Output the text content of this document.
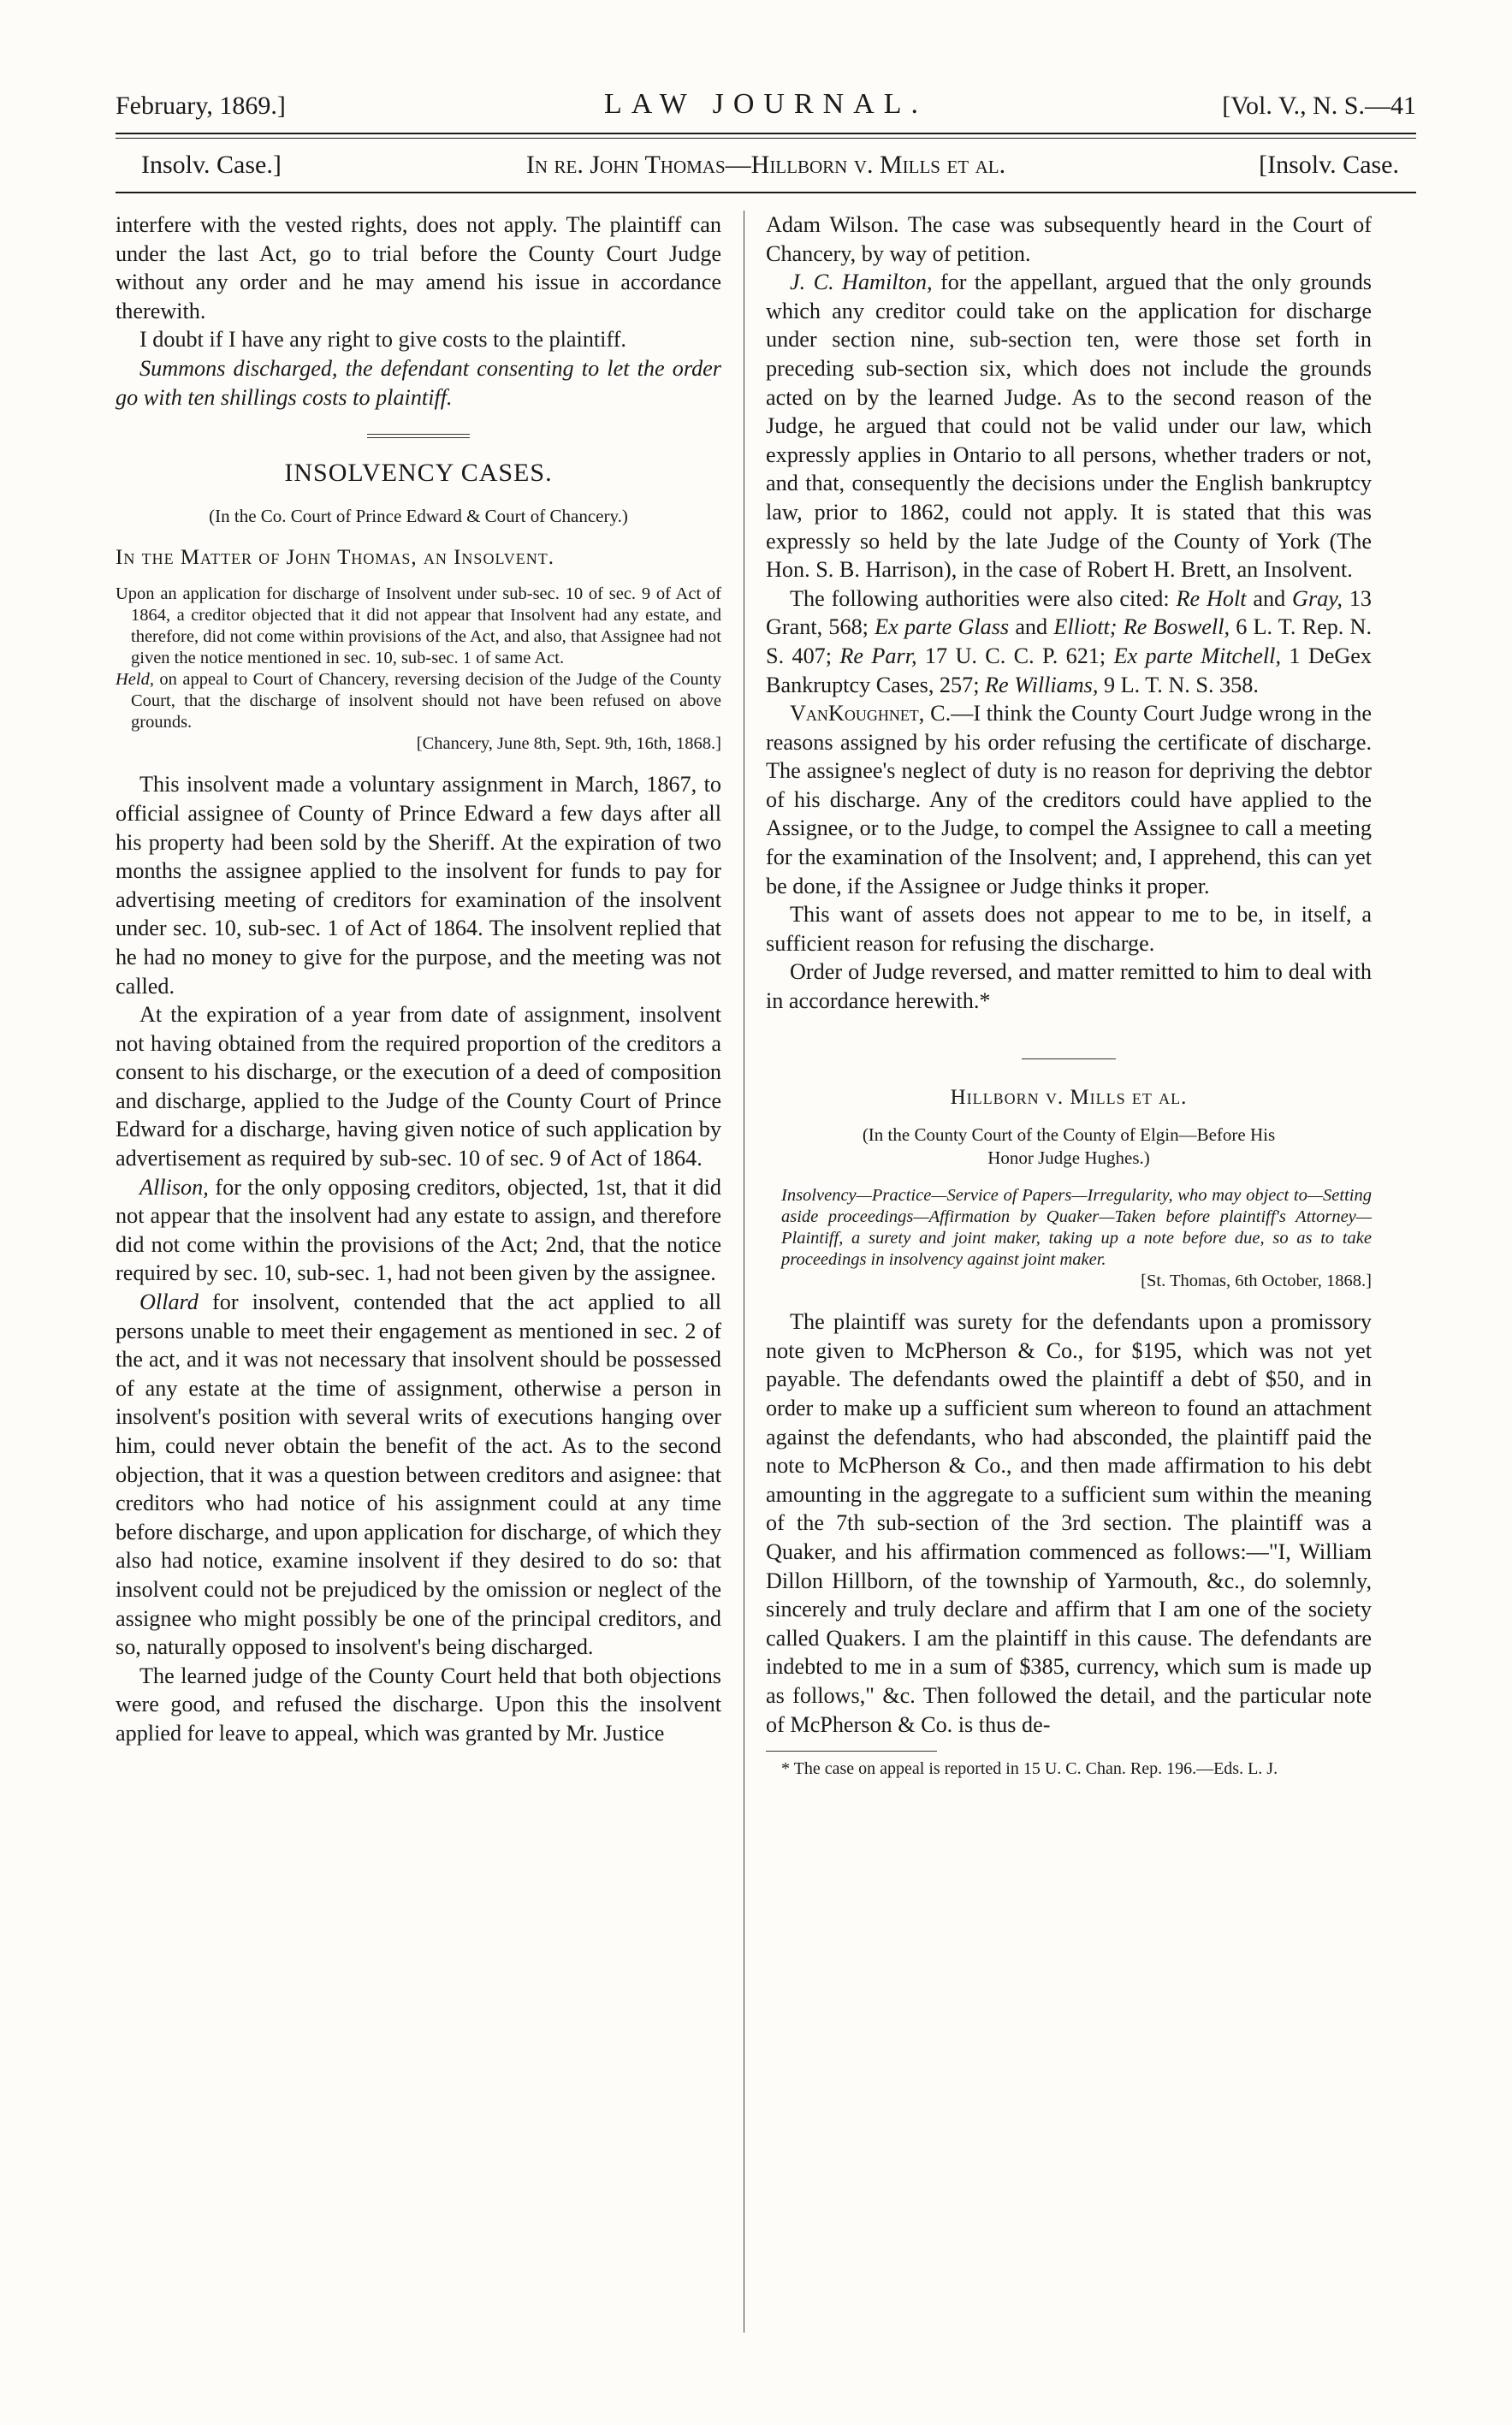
February, 1869.]	LAW JOURNAL.	[Vol. V., N. S.—41
Insolv. Case.]	In re. John Thomas—Hillborn v. Mills et al.	[Insolv. Case.

interfere with the vested rights, does not apply. The plaintiff can under the last Act, go to trial before the County Court Judge without any order and he may amend his issue in accordance therewith.

I doubt if I have any right to give costs to the plaintiff.

Summons discharged, the defendant consenting to let the order go with ten shillings costs to plaintiff.

INSOLVENCY CASES.
(In the Co. Court of Prince Edward & Court of Chancery.)
In the Matter of John Thomas, an Insolvent.

Upon an application for discharge of Insolvent under sub-sec. 10 of sec. 9 of Act of 1864, a creditor objected that it did not appear that Insolvent had any estate, and therefore, did not come within provisions of the Act, and also, that Assignee had not given the notice mentioned in sec. 10, sub-sec. 1 of same Act.

Held, on appeal to Court of Chancery, reversing decision of the Judge of the County Court, that the discharge of insolvent should not have been refused on above grounds.

[Chancery, June 8th, Sept. 9th, 16th, 1868.]

This insolvent made a voluntary assignment in March, 1867, to official assignee of County of Prince Edward a few days after all his property had been sold by the Sheriff. At the expiration of two months the assignee applied to the insolvent for funds to pay for advertising meeting of creditors for examination of the insolvent under sec. 10, sub-sec. 1 of Act of 1864. The insolvent replied that he had no money to give for the purpose, and the meeting was not called.

At the expiration of a year from date of assignment, insolvent not having obtained from the required proportion of the creditors a consent to his discharge, or the execution of a deed of composition and discharge, applied to the Judge of the County Court of Prince Edward for a discharge, having given notice of such application by advertisement as required by sub-sec. 10 of sec. 9 of Act of 1864.

Allison, for the only opposing creditors, objected, 1st, that it did not appear that the insolvent had any estate to assign, and therefore did not come within the provisions of the Act; 2nd, that the notice required by sec. 10, sub-sec. 1, had not been given by the assignee.

Ollard for insolvent, contended that the act applied to all persons unable to meet their engagement as mentioned in sec. 2 of the act, and it was not necessary that insolvent should be possessed of any estate at the time of assignment, otherwise a person in insolvent's position with several writs of executions hanging over him, could never obtain the benefit of the act. As to the second objection, that it was a question between creditors and asignee: that creditors who had notice of his assignment could at any time before discharge, and upon application for discharge, of which they also had notice, examine insolvent if they desired to do so: that insolvent could not be prejudiced by the omission or neglect of the assignee who might possibly be one of the principal creditors, and so, naturally opposed to insolvent's being discharged.

The learned judge of the County Court held that both objections were good, and refused the discharge. Upon this the insolvent applied for leave to appeal, which was granted by Mr. Justice

Adam Wilson. The case was subsequently heard in the Court of Chancery, by way of petition.

J. C. Hamilton, for the appellant, argued that the only grounds which any creditor could take on the application for discharge under section nine, sub-section ten, were those set forth in preceding sub-section six, which does not include the grounds acted on by the learned Judge. As to the second reason of the Judge, he argued that could not be valid under our law, which expressly applies in Ontario to all persons, whether traders or not, and that, consequently the decisions under the English bankruptcy law, prior to 1862, could not apply. It is stated that this was expressly so held by the late Judge of the County of York (The Hon. S. B. Harrison), in the case of Robert H. Brett, an Insolvent.

The following authorities were also cited: Re Holt and Gray, 13 Grant, 568; Ex parte Glass and Elliott; Re Boswell, 6 L. T. Rep. N. S. 407; Re Parr, 17 U. C. C. P. 621; Ex parte Mitchell, 1 DeGex Bankruptcy Cases, 257; Re Williams, 9 L. T. N. S. 358.

VanKoughnet, C.—I think the County Court Judge wrong in the reasons assigned by his order refusing the certificate of discharge. The assignee's neglect of duty is no reason for depriving the debtor of his discharge. Any of the creditors could have applied to the Assignee, or to the Judge, to compel the Assignee to call a meeting for the examination of the Insolvent; and, I apprehend, this can yet be done, if the Assignee or Judge thinks it proper.

This want of assets does not appear to me to be, in itself, a sufficient reason for refusing the discharge.

Order of Judge reversed, and matter remitted to him to deal with in accordance herewith.*

Hillborn v. Mills et al.
(In the County Court of the County of Elgin—Before His
Honor Judge Hughes.)

Insolvency—Practice—Service of Papers—Irregularity, who may object to—Setting aside proceedings—Affirmation by Quaker—Taken before plaintiff's Attorney—Plaintiff, a surety and joint maker, taking up a note before due, so as to take proceedings in insolvency against joint maker.

[St. Thomas, 6th October, 1868.]

The plaintiff was surety for the defendants upon a promissory note given to McPherson & Co., for $195, which was not yet payable. The defendants owed the plaintiff a debt of $50, and in order to make up a sufficient sum whereon to found an attachment against the defendants, who had absconded, the plaintiff paid the note to McPherson & Co., and then made affirmation to his debt amounting in the aggregate to a sufficient sum within the meaning of the 7th sub-section of the 3rd section. The plaintiff was a Quaker, and his affirmation commenced as follows:—"I, William Dillon Hillborn, of the township of Yarmouth, &c., do solemnly, sincerely and truly declare and affirm that I am one of the society called Quakers. I am the plaintiff in this cause. The defendants are indebted to me in a sum of $385, currency, which sum is made up as follows," &c. Then followed the detail, and the particular note of McPherson & Co. is thus de-

* The case on appeal is reported in 15 U. C. Chan. Rep. 196.—Eds. L. J.
